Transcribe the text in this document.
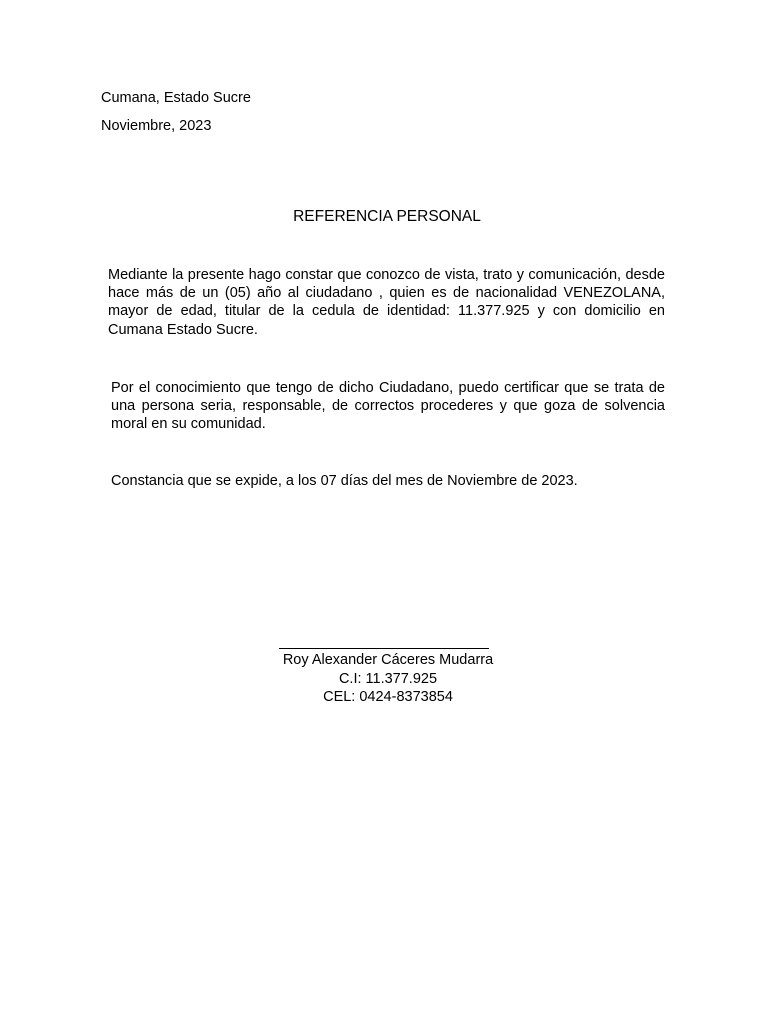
Cumana, Estado Sucre
Noviembre, 2023
REFERENCIA PERSONAL

Mediante la presente hago constar que conozco de vista, trato y comunicación, desde hace más de un (05) año al ciudadano , quien es de nacionalidad VENEZOLANA, mayor de edad, titular de la cedula de identidad: 11.377.925 y con domicilio en Cumana Estado Sucre.

Por el conocimiento que tengo de dicho Ciudadano, puedo certificar que se trata de una persona seria, responsable, de correctos procederes y que goza de solvencia moral en su comunidad.

Constancia que se expide, a los 07 días del mes de Noviembre de 2023.

Roy Alexander Cáceres Mudarra
C.I: 11.377.925
CEL: 0424-8373854
